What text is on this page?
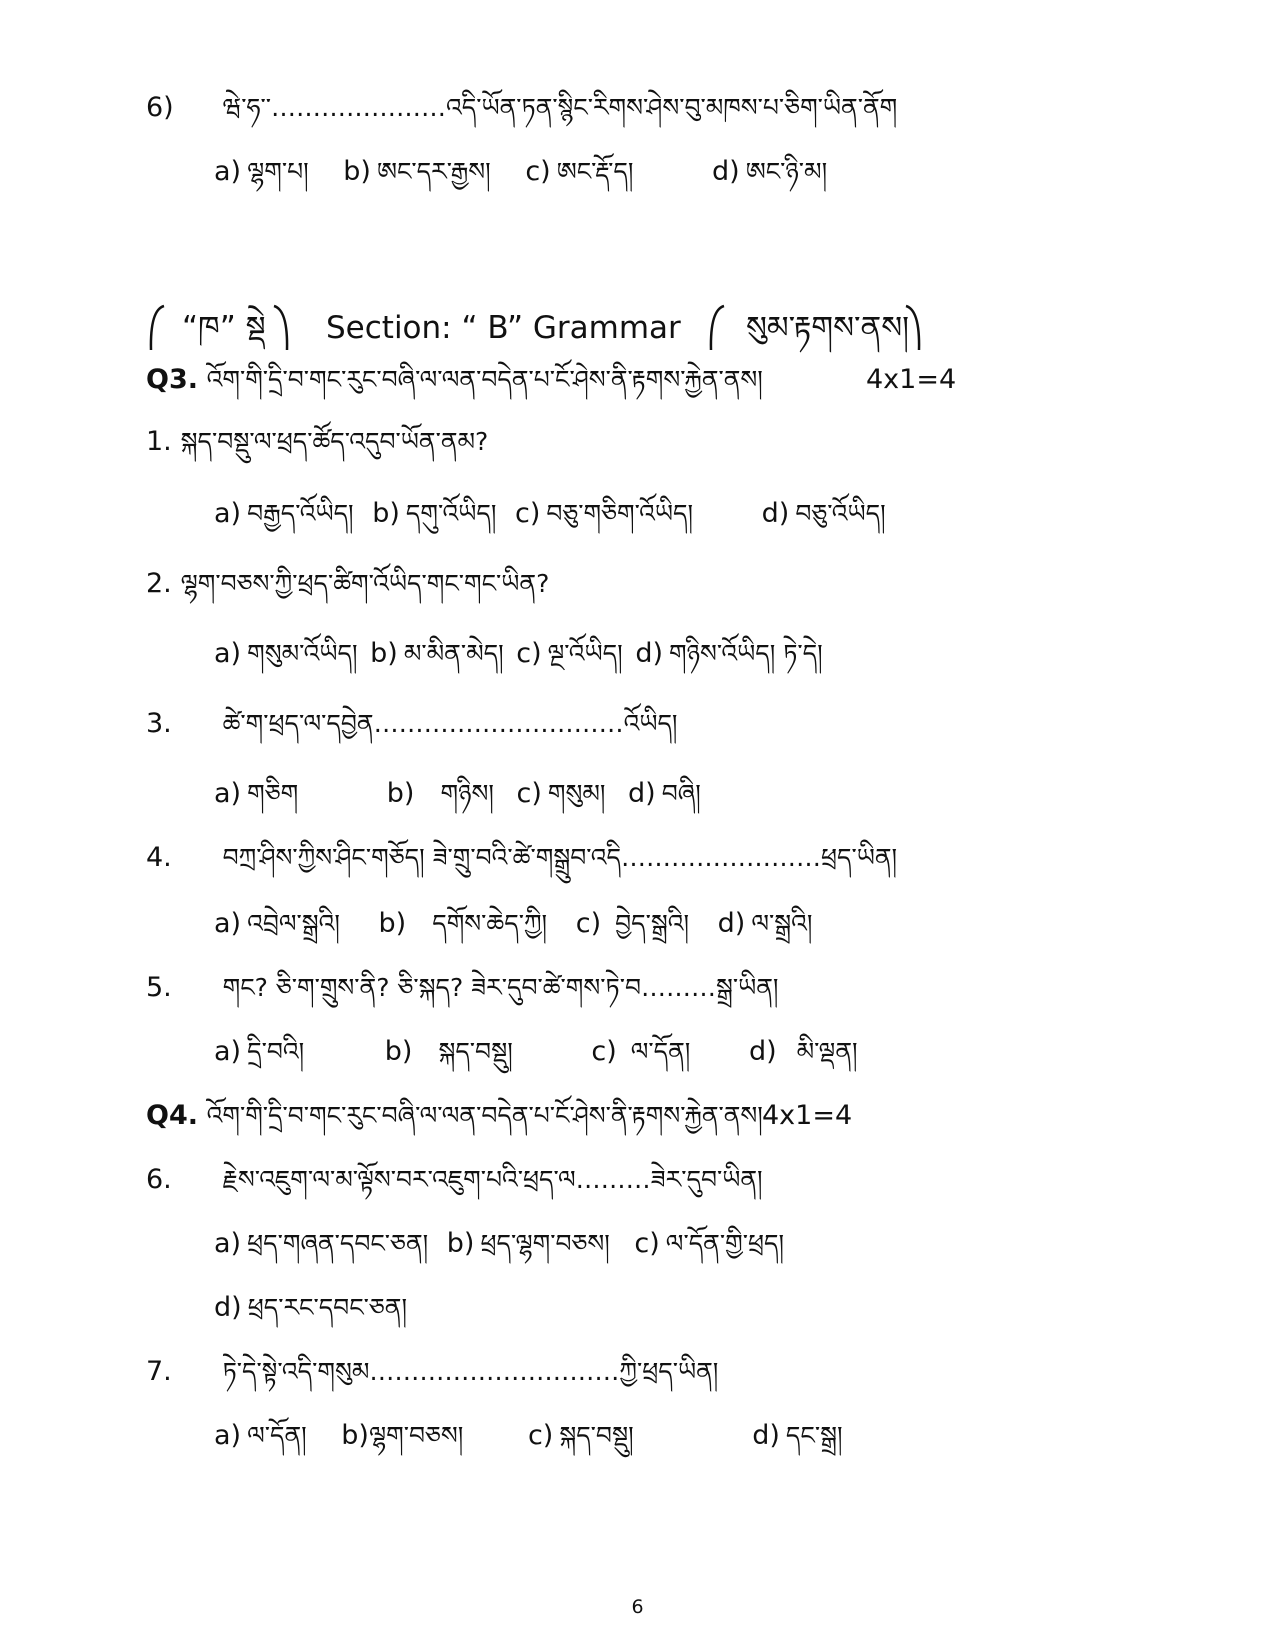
6) ཝེ་ཧ་་…………………འདི་ཡོན་ཏན་སྙིང་རིགས་ཤེས་བུ་མཁས་པ་ཅིག་ཡིན་ནོག
a) ལྷག་པ། b) ཨང་དར་རྒྱས། c) ཨང་རྡོ་ད།	d) ཨང་ཉི་མ།
“ཁ” སྡེ Section: “ B” Grammar སུམ་རྟགས་ནས།
Q3. འོག་གི་དྲི་བ་གང་རུང་བཞི་ལ་ལན་བདེན་པ་ངོ་ཤེས་ནི་རྟགས་རྐྱེན་ནས།	4x1=4
1. སྐད་བསྡུ་ལ་ཕྲད་ཚོད་འདུབ་ཡོན་ནམ?
a) བརྒྱད་འོཡིད། b) དགུ་འོཡིད། c) བཅུ་གཅིག་འོཡིད།	d) བཅུ་འོཡིད།
2. ལྷག་བཅས་ཀྱི་ཕྲད་ཚིག་འོཡིད་གང་གང་ཡིན?
a) གསུམ་འོཡིད། b) མ་མིན་མེད། c) ལྔ་འོཡིད། d) གཉིས་འོཡིད། ཏེ་དེ།
3. ཚེ་ག་ཕྲད་ལ་དབྱེན…………………………འོཡིད།
a) གཅིག	b) གཉིས། c) གསུམ། d) བཞི།
4. བཀྲ་ཤིས་ཀྱིས་ཤིང་གཅོད། ཟེ་གྲུ་བའི་ཚེ་གསྒྲུབ་འདི……………………ཕྲད་ཡིན།
a) འབྲེལ་སྒྲའི། b) དགོས་ཆེད་ཀྱི། c) བྱེད་སྒྲའི། d) ལ་སྒྲའི།
5. གང? ཅི་ག་གྲུས་ནི? ཅི་སྐད? ཟེར་དུབ་ཚེ་གས་ཏེ་བ………སྒྲ་ཡིན།
a) དྲི་བའི།	b) སྐད་བསྡུ།	c) ལ་དོན། d) མི་ལྡན།
Q4. འོག་གི་དྲི་བ་གང་རུང་བཞི་ལ་ལན་བདེན་པ་ངོ་ཤེས་ནི་རྟགས་རྐྱེན་ནས། 4x1=4
6. རྗེས་འཇུག་ལ་མ་ལྟོས་བར་འཇུག་པའི་ཕྲད་ལ………ཟེར་དུབ་ཡིན།
a) ཕྲད་གཞན་དབང་ཅན། b) ཕྲད་ལྷག་བཅས། c) ལ་དོན་གྱི་ཕྲད།
d) ཕྲད་རང་དབང་ཅན།
7. ཏེ་དེ་སྟེ་འདི་གསུམ…………………………ཀྱི་ཕྲད་ཡིན།
a) ལ་དོན། b)ལྷག་བཅས། c) སྐད་བསྡུ།	d) དང་སྒྲ།
6
